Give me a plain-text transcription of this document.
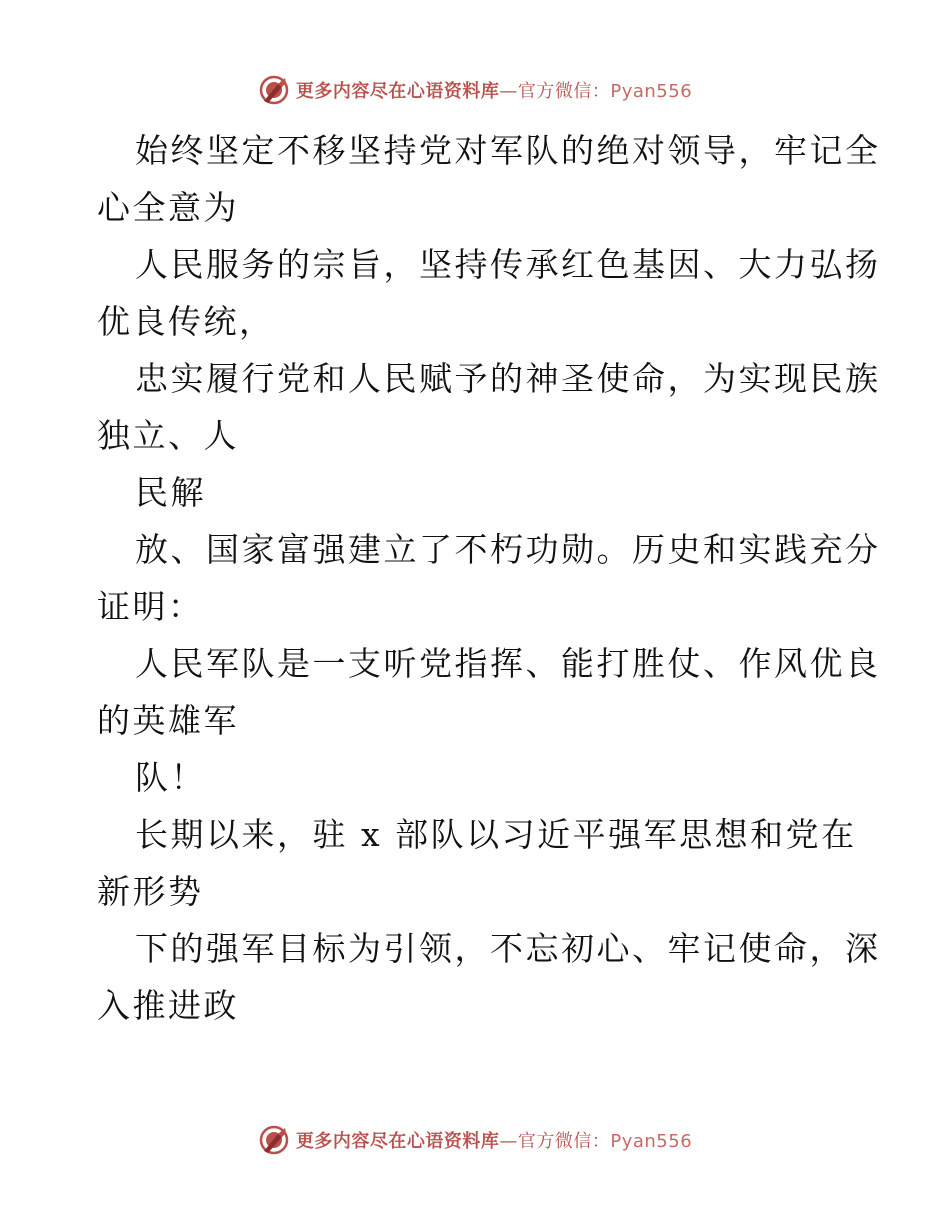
更多内容尽在心语资料库—官方微信：Pyan556
始终坚定不移坚持党对军队的绝对领导，牢记全
心全意为
人民服务的宗旨，坚持传承红色基因、大力弘扬
优良传统，
忠实履行党和人民赋予的神圣使命，为实现民族
独立、人
民解
放、国家富强建立了不朽功勋。历史和实践充分
证明：
人民军队是一支听党指挥、能打胜仗、作风优良
的英雄军
队！
长期以来，驻 x 部队以习近平强军思想和党在
新形势
下的强军目标为引领，不忘初心、牢记使命，深
入推进政
更多内容尽在心语资料库—官方微信：Pyan556
